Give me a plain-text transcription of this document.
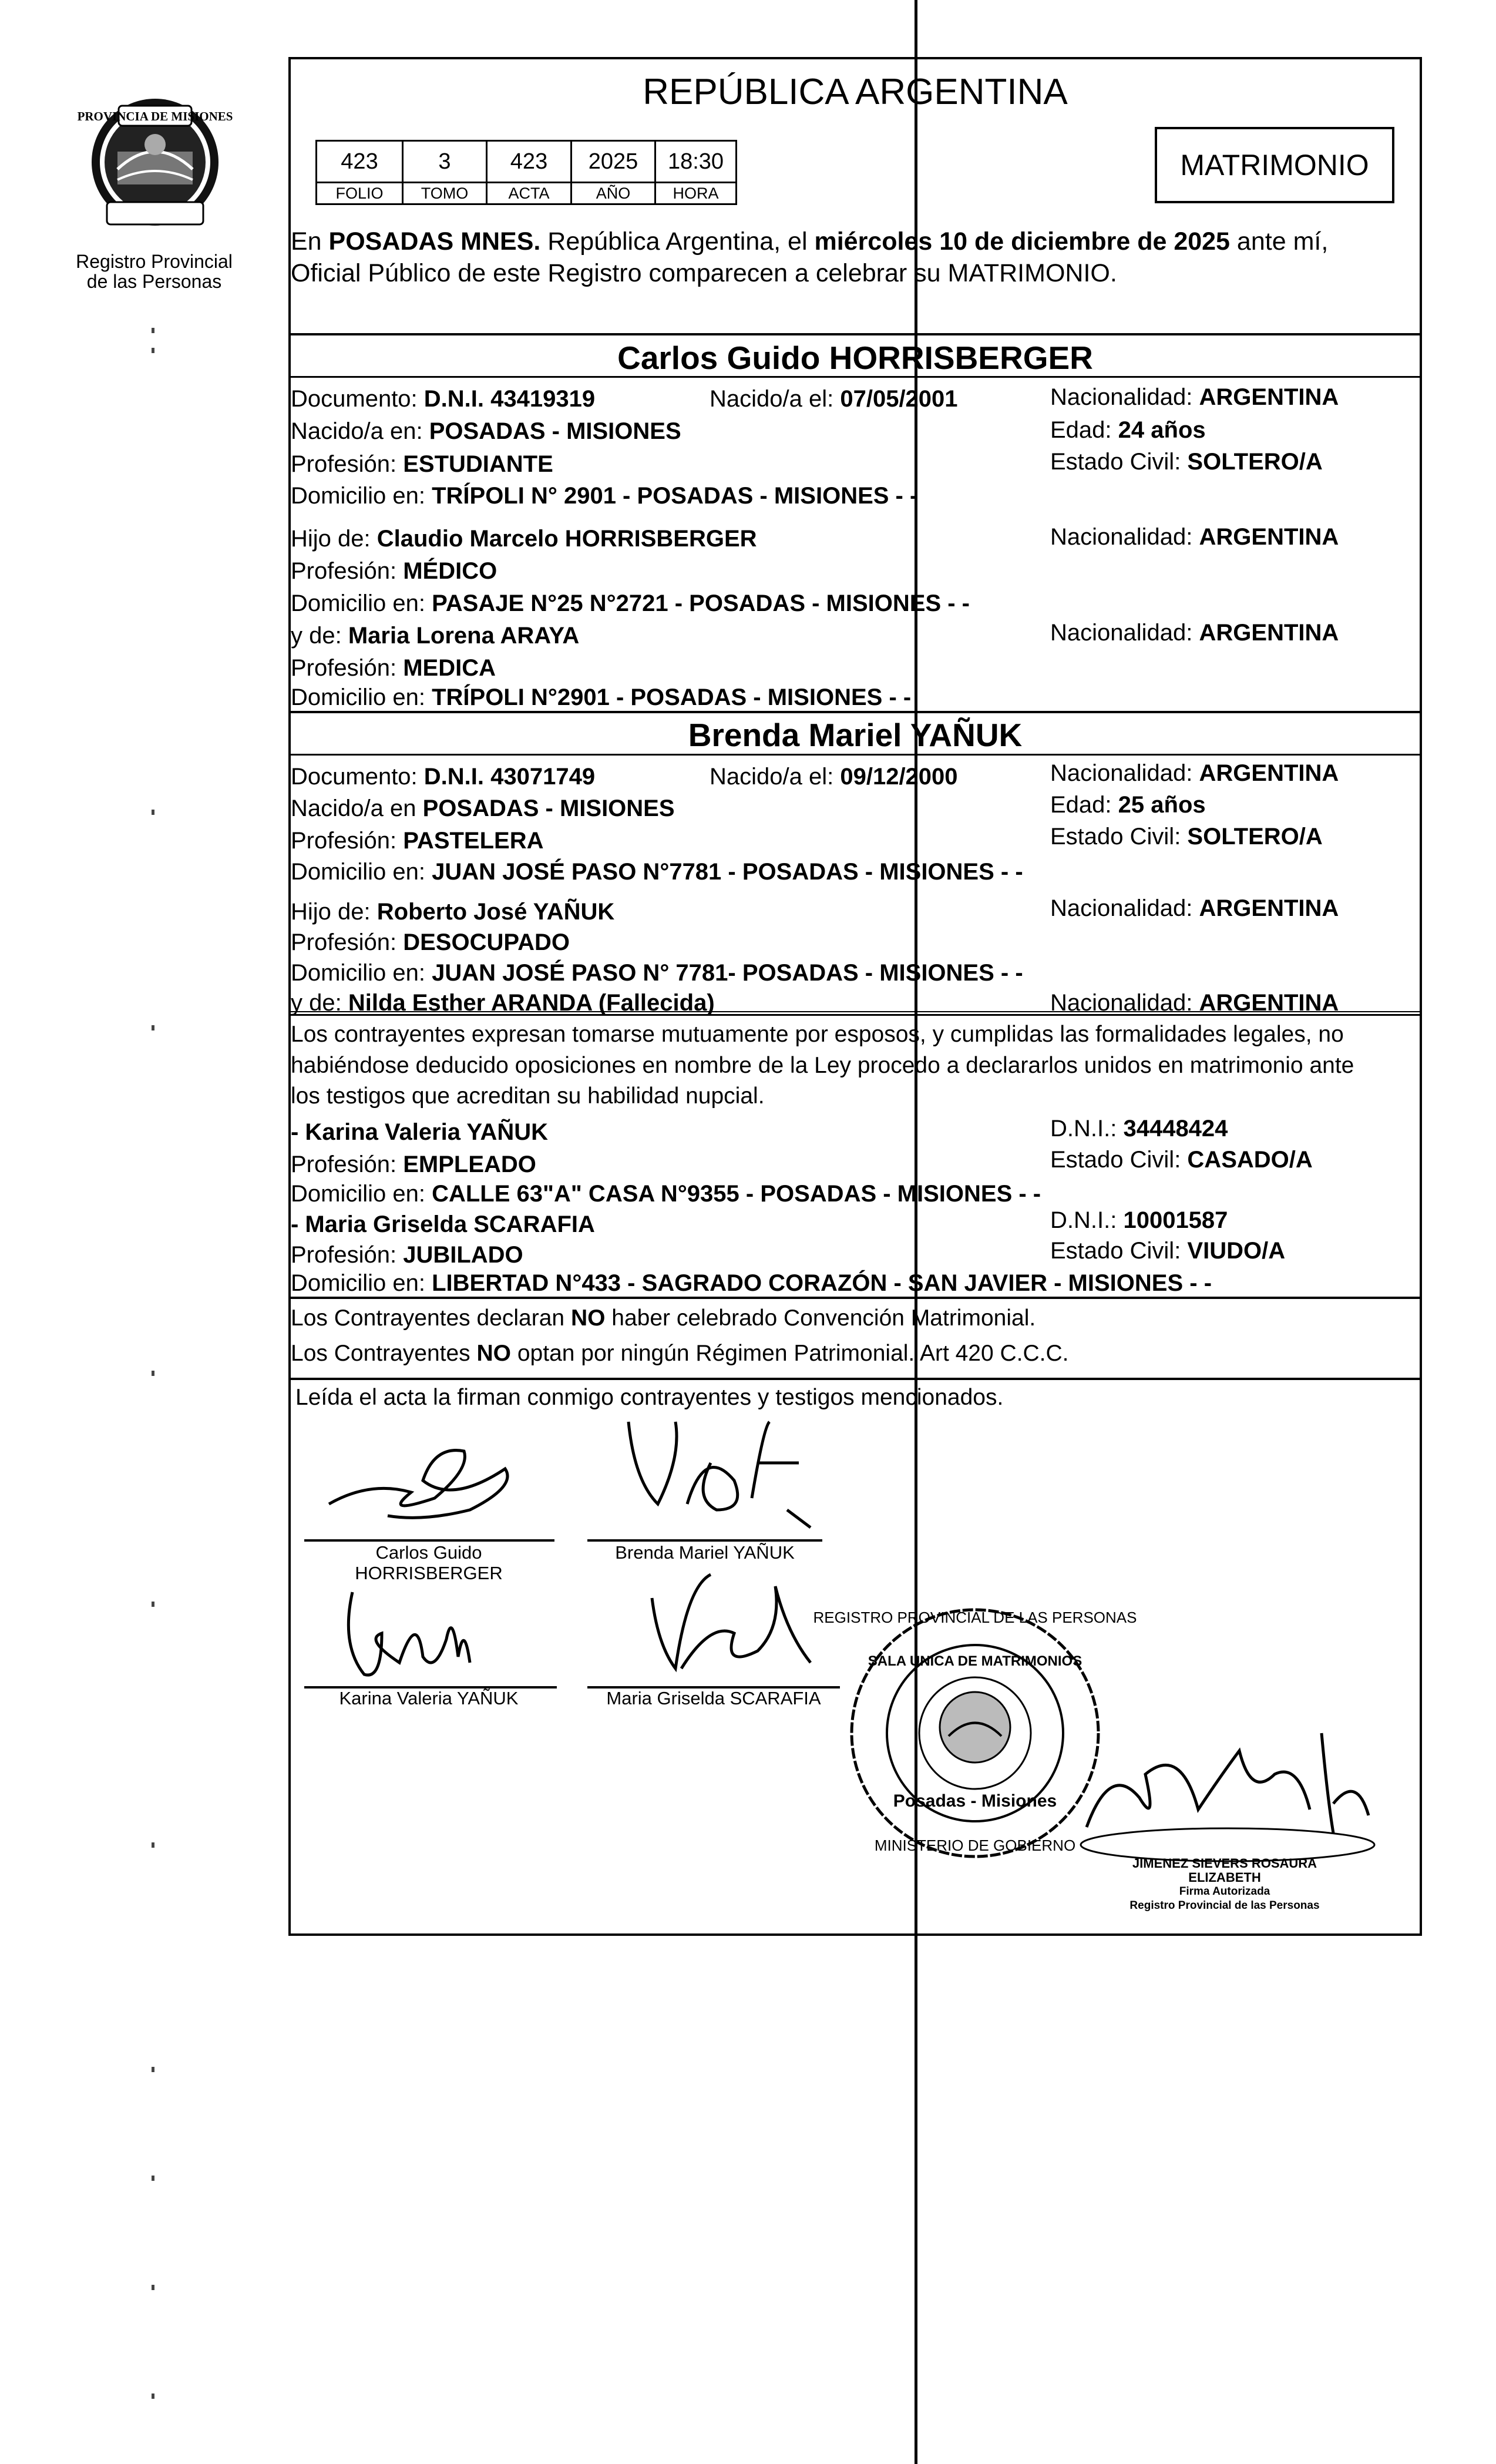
PROVINCIA DE MISIONES
Registro Provincial
de las Personas
REPÚBLICA ARGENTINA
423	3	423	2025	18:30
FOLIO	TOMO	ACTA	AÑO	HORA
MATRIMONIO
En POSADAS MNES. República Argentina, el miércoles 10 de diciembre de 2025 ante mí,
Oficial Público de este Registro comparecen a celebrar su MATRIMONIO.
Carlos Guido HORRISBERGER
Documento: D.N.I. 43419319	Nacido/a el: 07/05/2001	Nacionalidad: ARGENTINA
Nacido/a en: POSADAS - MISIONES	Edad: 24 años
Profesión: ESTUDIANTE	Estado Civil: SOLTERO/A
Domicilio en: TRÍPOLI N° 2901 - POSADAS - MISIONES - -
Hijo de: Claudio Marcelo HORRISBERGER	Nacionalidad: ARGENTINA
Profesión: MÉDICO
Domicilio en: PASAJE N°25 N°2721 - POSADAS - MISIONES - -
y de: Maria Lorena ARAYA	Nacionalidad: ARGENTINA
Profesión: MEDICA
Domicilio en: TRÍPOLI N°2901 - POSADAS - MISIONES - -
Brenda Mariel YAÑUK
Documento: D.N.I. 43071749	Nacido/a el: 09/12/2000	Nacionalidad: ARGENTINA
Nacido/a en POSADAS - MISIONES	Edad: 25 años
Profesión: PASTELERA	Estado Civil: SOLTERO/A
Domicilio en: JUAN JOSÉ PASO N°7781 - POSADAS - MISIONES - -
Hijo de: Roberto José YAÑUK	Nacionalidad: ARGENTINA
Profesión: DESOCUPADO
Domicilio en: JUAN JOSÉ PASO N° 7781- POSADAS - MISIONES - -
y de: Nilda Esther ARANDA (Fallecida)	Nacionalidad: ARGENTINA
Los contrayentes expresan tomarse mutuamente por esposos, y cumplidas las formalidades legales, no
habiéndose deducido oposiciones en nombre de la Ley procedo a declararlos unidos en matrimonio ante
los testigos que acreditan su habilidad nupcial.
- Karina Valeria YAÑUK	D.N.I.: 34448424
Profesión: EMPLEADO	Estado Civil: CASADO/A
Domicilio en: CALLE 63"A" CASA N°9355 - POSADAS - MISIONES - -
- Maria Griselda SCARAFIA	D.N.I.: 10001587
Profesión: JUBILADO	Estado Civil: VIUDO/A
Domicilio en: LIBERTAD N°433 - SAGRADO CORAZÓN - SAN JAVIER - MISIONES - -
Los Contrayentes declaran NO haber celebrado Convención Matrimonial.
Los Contrayentes NO optan por ningún Régimen Patrimonial. Art 420 C.C.C.
Leída el acta la firman conmigo contrayentes y testigos mencionados.
Carlos Guido
HORRISBERGER
Brenda Mariel YAÑUK
Karina Valeria YAÑUK	Maria Griselda SCARAFIA
SALA UNICA DE MATRIMONIOS
REGISTRO PROVINCIAL DE LAS PERSONAS
Posadas - Misiones
MINISTERIO DE GOBIERNO
JIMENEZ SIEVERS ROSAURA ELIZABETH
Firma Autorizada
Registro Provincial de las Personas
